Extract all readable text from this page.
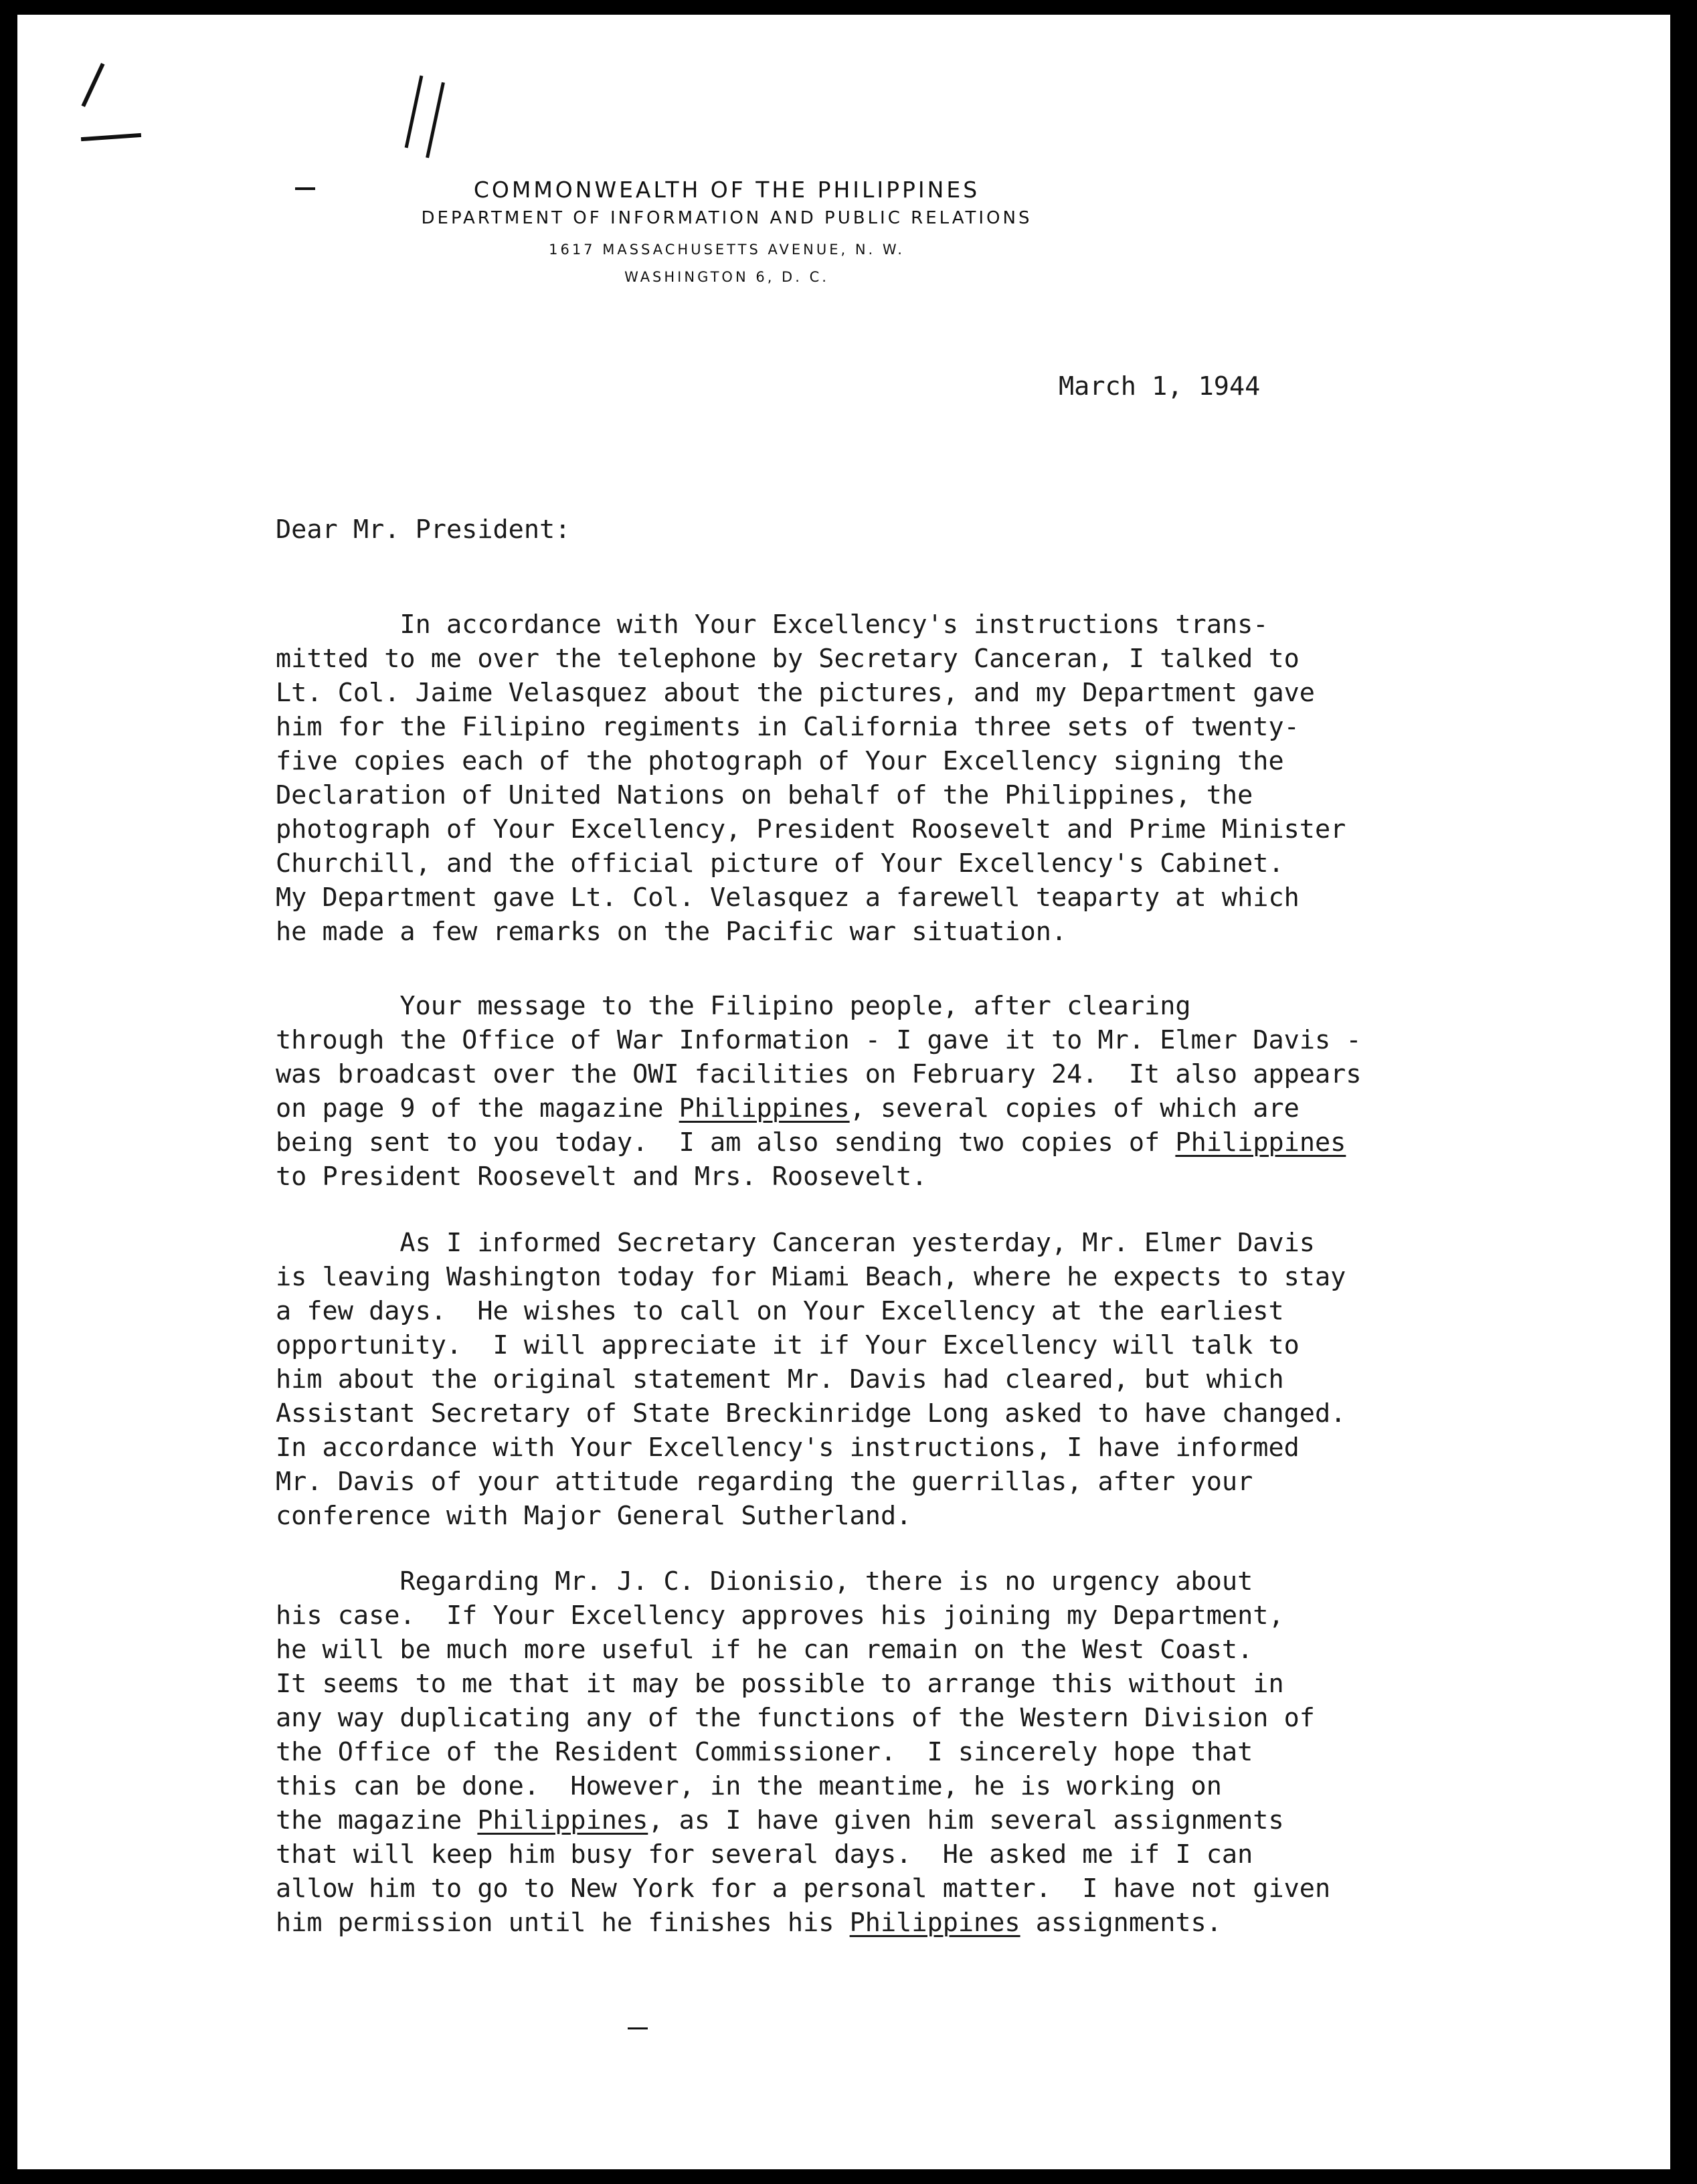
COMMONWEALTH OF THE PHILIPPINES
DEPARTMENT OF INFORMATION AND PUBLIC RELATIONS
1617 MASSACHUSETTS AVENUE, N. W.
WASHINGTON 6, D. C.
March 1, 1944
Dear Mr. President:
In accordance with Your Excellency's instructions trans-
mitted to me over the telephone by Secretary Canceran, I talked to
Lt. Col. Jaime Velasquez about the pictures, and my Department gave
him for the Filipino regiments in California three sets of twenty-
five copies each of the photograph of Your Excellency signing the
Declaration of United Nations on behalf of the Philippines, the
photograph of Your Excellency, President Roosevelt and Prime Minister
Churchill, and the official picture of Your Excellency's Cabinet.
My Department gave Lt. Col. Velasquez a farewell teaparty at which
he made a few remarks on the Pacific war situation.
Your message to the Filipino people, after clearing
through the Office of War Information - I gave it to Mr. Elmer Davis -
was broadcast over the OWI facilities on February 24.  It also appears
on page 9 of the magazine Philippines, several copies of which are
being sent to you today.  I am also sending two copies of Philippines
to President Roosevelt and Mrs. Roosevelt.
As I informed Secretary Canceran yesterday, Mr. Elmer Davis
is leaving Washington today for Miami Beach, where he expects to stay
a few days.  He wishes to call on Your Excellency at the earliest
opportunity.  I will appreciate it if Your Excellency will talk to
him about the original statement Mr. Davis had cleared, but which
Assistant Secretary of State Breckinridge Long asked to have changed.
In accordance with Your Excellency's instructions, I have informed
Mr. Davis of your attitude regarding the guerrillas, after your
conference with Major General Sutherland.
Regarding Mr. J. C. Dionisio, there is no urgency about
his case.  If Your Excellency approves his joining my Department,
he will be much more useful if he can remain on the West Coast.
It seems to me that it may be possible to arrange this without in
any way duplicating any of the functions of the Western Division of
the Office of the Resident Commissioner.  I sincerely hope that
this can be done.  However, in the meantime, he is working on
the magazine Philippines, as I have given him several assignments
that will keep him busy for several days.  He asked me if I can
allow him to go to New York for a personal matter.  I have not given
him permission until he finishes his Philippines assignments.
